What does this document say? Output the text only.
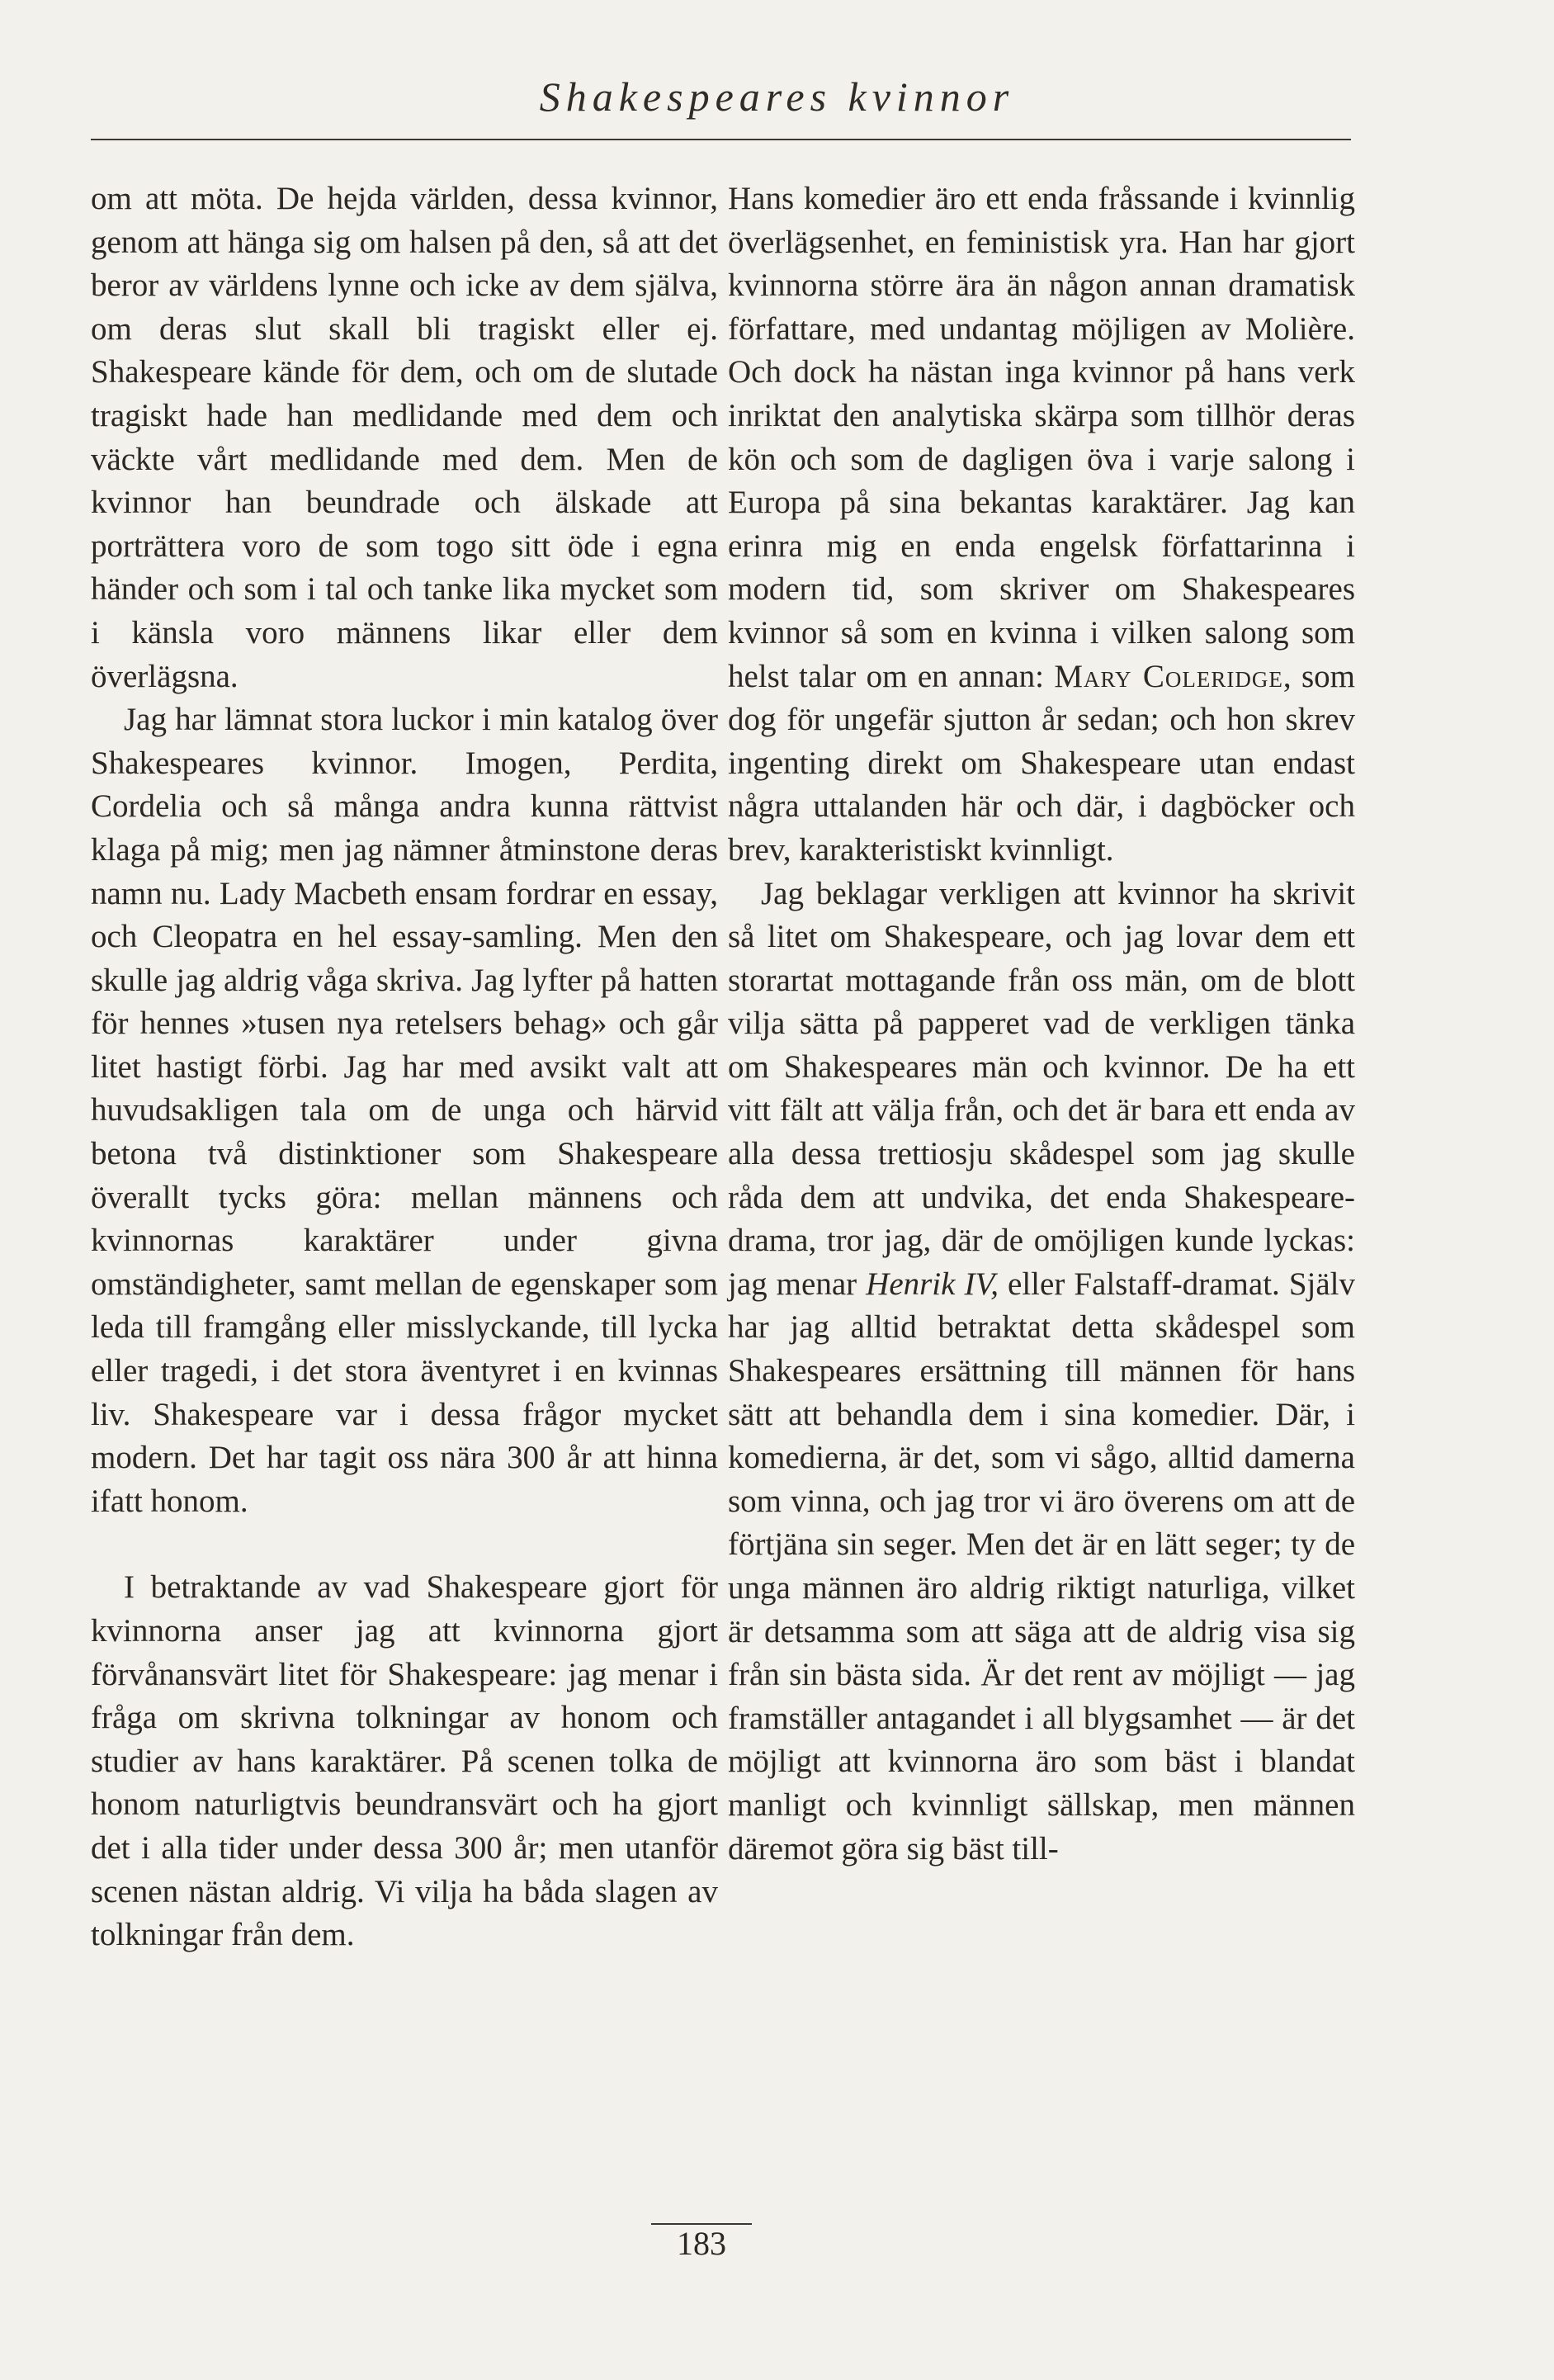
Shakespeares kvinnor

om att möta. De hejda världen, dessa kvinnor, genom att hänga sig om halsen på den, så att det beror av världens lynne och icke av dem själva, om deras slut skall bli tragiskt eller ej. Shakespeare kände för dem, och om de slutade tragiskt hade han medlidande med dem och väckte vårt medlidande med dem. Men de kvinnor han beundrade och älskade att porträttera voro de som togo sitt öde i egna händer och som i tal och tanke lika mycket som i känsla voro männens likar eller dem överlägsna.

Jag har lämnat stora luckor i min katalog över Shakespeares kvinnor. Imogen, Perdita, Cordelia och så många andra kunna rättvist klaga på mig; men jag nämner åtminstone deras namn nu. Lady Macbeth ensam fordrar en essay, och Cleopatra en hel essay-samling. Men den skulle jag aldrig våga skriva. Jag lyfter på hatten för hennes »tusen nya retelsers behag» och går litet hastigt förbi. Jag har med avsikt valt att huvudsakligen tala om de unga och härvid betona två distinktioner som Shakespeare överallt tycks göra: mellan männens och kvinnornas karaktärer under givna omständigheter, samt mellan de egenskaper som leda till framgång eller misslyckande, till lycka eller tragedi, i det stora äventyret i en kvinnas liv. Shakespeare var i dessa frågor mycket modern. Det har tagit oss nära 300 år att hinna ifatt honom.

I betraktande av vad Shakespeare gjort för kvinnorna anser jag att kvinnorna gjort förvånansvärt litet för Shakespeare: jag menar i fråga om skrivna tolkningar av honom och studier av hans karaktärer. På scenen tolka de honom naturligtvis beundransvärt och ha gjort det i alla tider under dessa 300 år; men utanför scenen nästan aldrig. Vi vilja ha båda slagen av tolkningar från dem.

Hans komedier äro ett enda fråssande i kvinnlig överlägsenhet, en feministisk yra. Han har gjort kvinnorna större ära än någon annan dramatisk författare, med undantag möjligen av Molière. Och dock ha nästan inga kvinnor på hans verk inriktat den analytiska skärpa som tillhör deras kön och som de dagligen öva i varje salong i Europa på sina bekantas karaktärer. Jag kan erinra mig en enda engelsk författarinna i modern tid, som skriver om Shakespeares kvinnor så som en kvinna i vilken salong som helst talar om en annan: Mary Coleridge, som dog för ungefär sjutton år sedan; och hon skrev ingenting direkt om Shakespeare utan endast några uttalanden här och där, i dagböcker och brev, karakteristiskt kvinnligt.

Jag beklagar verkligen att kvinnor ha skrivit så litet om Shakespeare, och jag lovar dem ett storartat mottagande från oss män, om de blott vilja sätta på papperet vad de verkligen tänka om Shakespeares män och kvinnor. De ha ett vitt fält att välja från, och det är bara ett enda av alla dessa trettiosju skådespel som jag skulle råda dem att undvika, det enda Shakespeare-drama, tror jag, där de omöjligen kunde lyckas: jag menar Henrik IV, eller Falstaff-dramat. Själv har jag alltid betraktat detta skådespel som Shakespeares ersättning till männen för hans sätt att behandla dem i sina komedier. Där, i komedierna, är det, som vi sågo, alltid damerna som vinna, och jag tror vi äro överens om att de förtjäna sin seger. Men det är en lätt seger; ty de unga männen äro aldrig riktigt naturliga, vilket är detsamma som att säga att de aldrig visa sig från sin bästa sida. Är det rent av möjligt — jag framställer antagandet i all blygsamhet — är det möjligt att kvinnorna äro som bäst i blandat manligt och kvinnligt sällskap, men männen däremot göra sig bäst till-

183
